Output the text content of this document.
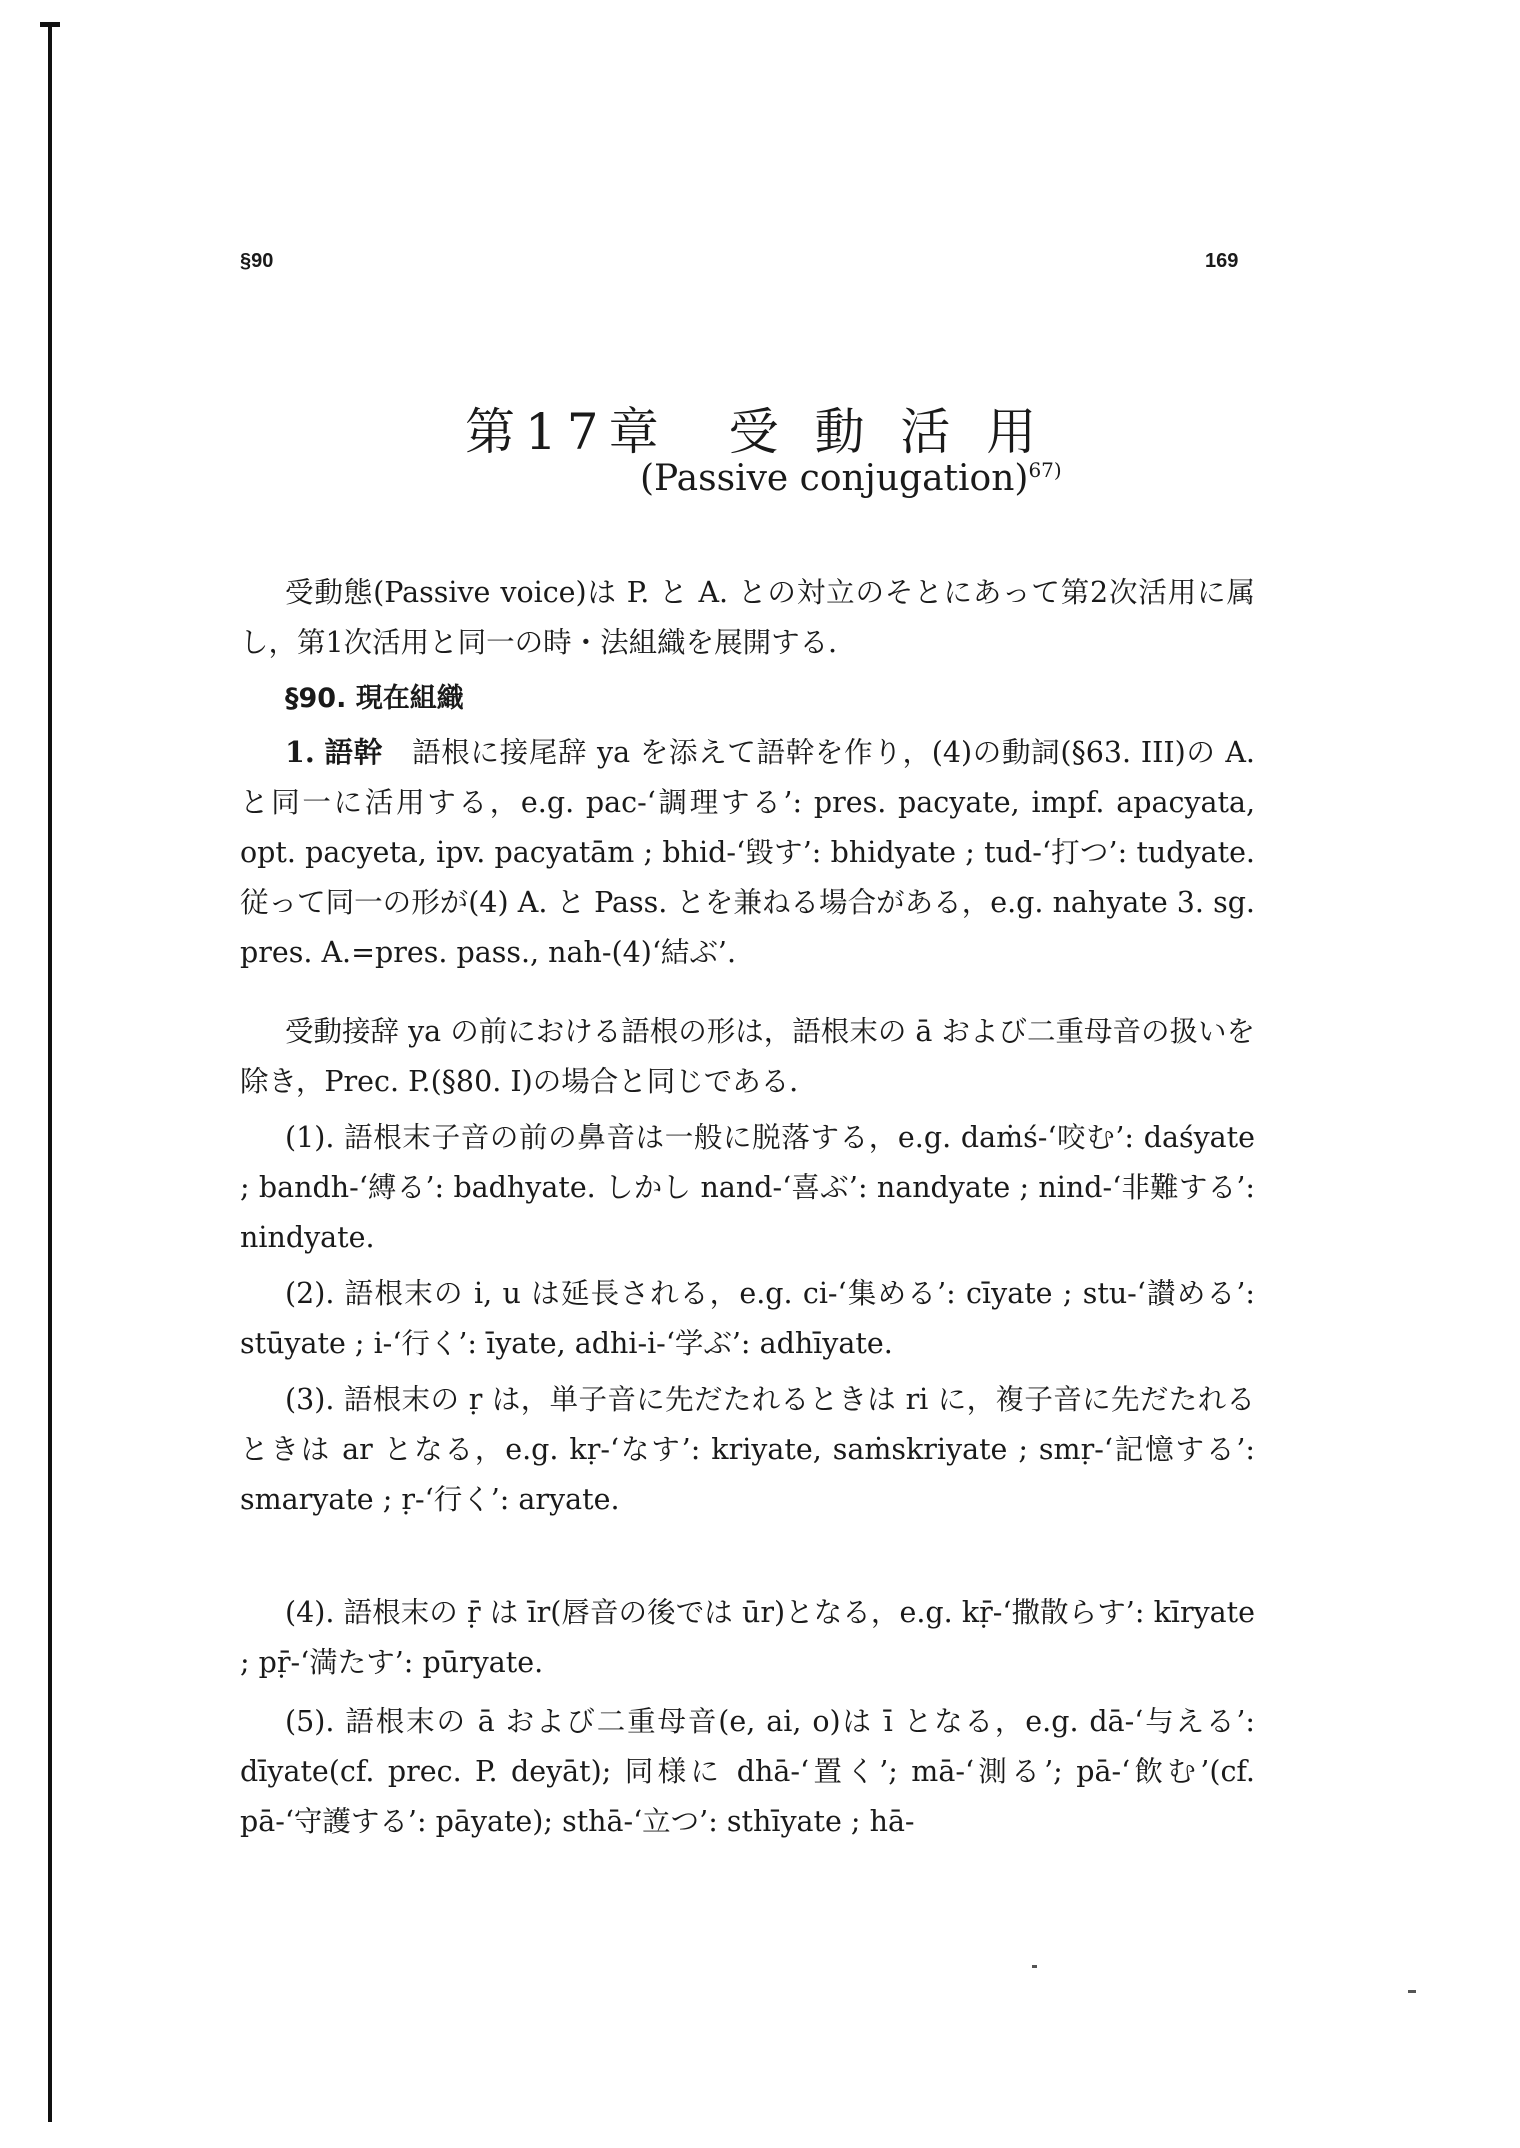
§90	169
第17章　受 動 活 用
(Passive conjugation)$^{67)}$

受動態(Passive voice)は P. と A. との対立のそとにあって第2次活用に属し，第1次活用と同一の時・法組織を展開する．

§90. 現在組織

1. 語幹　語根に接尾辞 ya を添えて語幹を作り，(4)の動詞(§63. III)の A. と同一に活用する，e.g. pac-‘調理する’: pres. pacyate, impf. apacyata, opt. pacyeta, ipv. pacyatām ; bhid-‘毀す’: bhidyate ; tud-‘打つ’: tudyate. 従って同一の形が(4) A. と Pass. とを兼ねる場合がある，e.g. nahyate 3. sg. pres. A.=pres. pass., nah-(4)‘結ぶ’.

受動接辞 ya の前における語根の形は，語根末の ā および二重母音の扱いを除き，Prec. P.(§80. I)の場合と同じである．

(1). 語根末子音の前の鼻音は一般に脱落する，e.g. daṁś-‘咬む’: daśyate ; bandh-‘縛る’: badhyate. しかし nand-‘喜ぶ’: nandyate ; nind-‘非難する’: nindyate.

(2). 語根末の i, u は延長される，e.g. ci-‘集める’: cīyate ; stu-‘讃める’: stūyate ; i-‘行く’: īyate, adhi-i-‘学ぶ’: adhīyate.

(3). 語根末の ṛ は，単子音に先だたれるときは ri に，複子音に先だたれるときは ar となる，e.g. kṛ-‘なす’: kriyate, saṁskriyate ; smṛ-‘記憶する’: smaryate ; ṛ-‘行く’: aryate.

(4). 語根末の ṝ は īr(唇音の後では ūr)となる，e.g. kṝ-‘撒散らす’: kīryate ; pṝ-‘満たす’: pūryate.

(5). 語根末の ā および二重母音(e, ai, o)は ī となる，e.g. dā-‘与える’: dīyate(cf. prec. P. deyāt); 同様に dhā-‘置く’; mā-‘測る’; pā-‘飲む’(cf. pā-‘守護する’: pāyate); sthā-‘立つ’: sthīyate ; hā-
